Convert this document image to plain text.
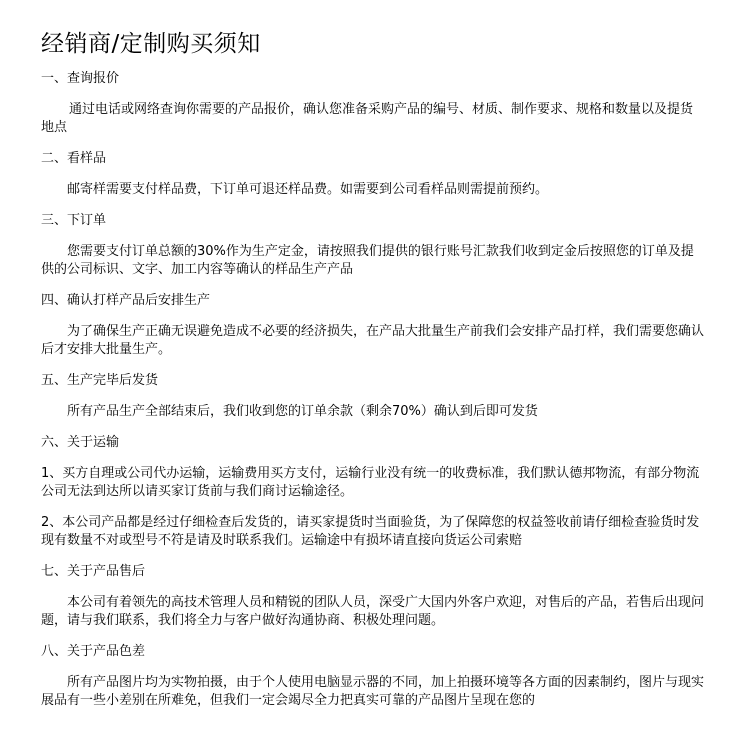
经销商/定制购买须知
一、查询报价

通过电话或网络查询你需要的产品报价，确认您准备采购产品的编号、材质、制作要求、规格和数量以及提货地点

二、看样品

邮寄样需要支付样品费，下订单可退还样品费。如需要到公司看样品则需提前预约。

三、下订单

您需要支付订单总额的30%作为生产定金，请按照我们提供的银行账号汇款我们收到定金后按照您的订单及提供的公司标识、文字、加工内容等确认的样品生产产品

四、确认打样产品后安排生产

为了确保生产正确无误避免造成不必要的经济损失，在产品大批量生产前我们会安排产品打样，我们需要您确认后才安排大批量生产。

五、生产完毕后发货

所有产品生产全部结束后，我们收到您的订单余款（剩余70%）确认到后即可发货

六、关于运输

1、买方自理或公司代办运输，运输费用买方支付，运输行业没有统一的收费标准，我们默认德邦物流，有部分物流公司无法到达所以请买家订货前与我们商讨运输途径。

2、本公司产品都是经过仔细检查后发货的，请买家提货时当面验货，为了保障您的权益签收前请仔细检查验货时发现有数量不对或型号不符是请及时联系我们。运输途中有损坏请直接向货运公司索赔

七、关于产品售后

本公司有着领先的高技术管理人员和精锐的团队人员，深受广大国内外客户欢迎，对售后的产品，若售后出现问题，请与我们联系，我们将全力与客户做好沟通协商、积极处理问题。

八、关于产品色差

所有产品图片均为实物拍摄，由于个人使用电脑显示器的不同，加上拍摄环境等各方面的因素制约，图片与现实展品有一些小差别在所难免，但我们一定会竭尽全力把真实可靠的产品图片呈现在您的
